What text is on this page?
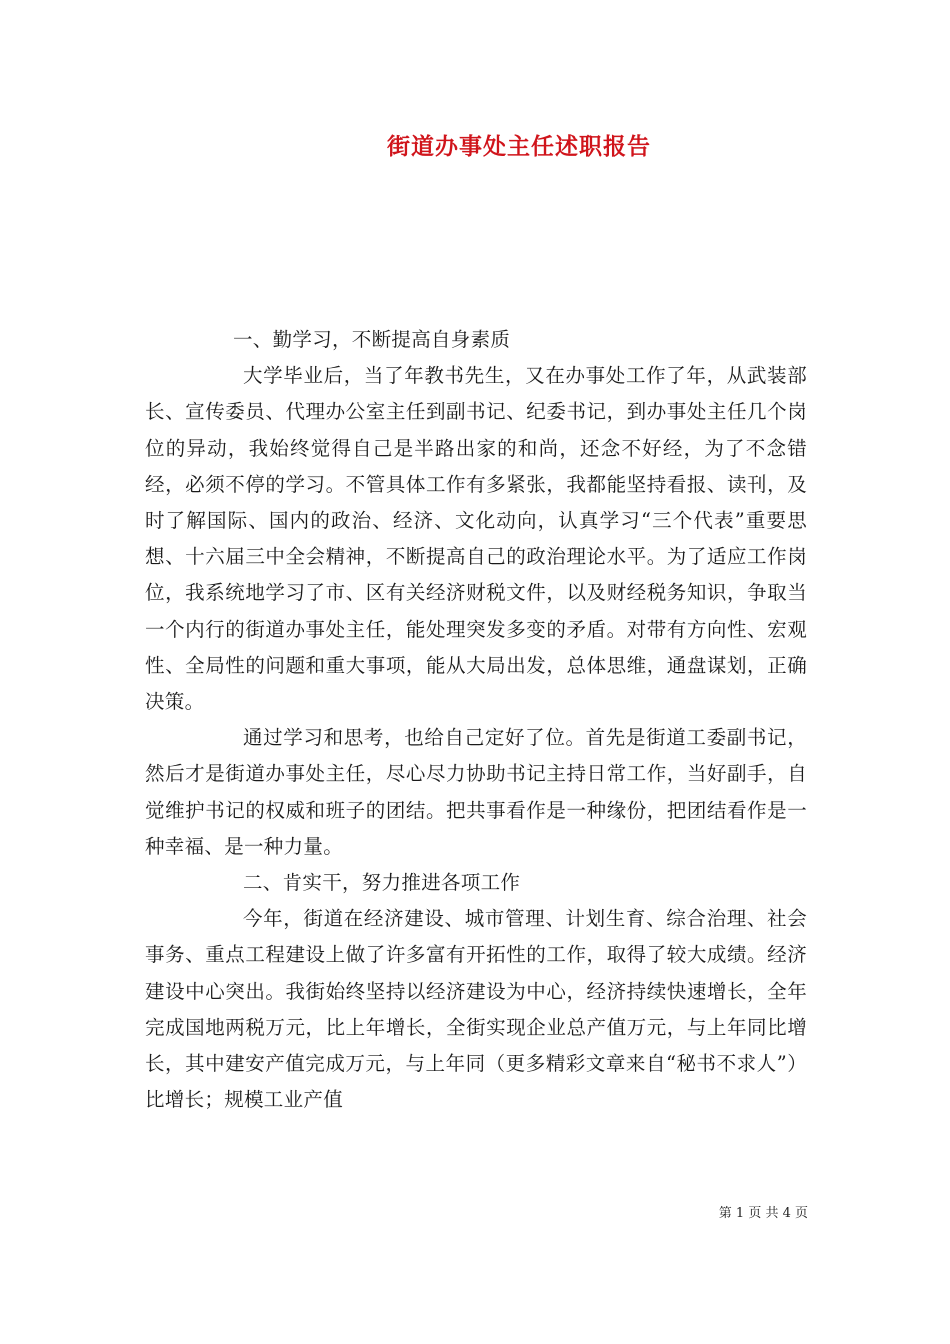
街道办事处主任述职报告

一、勤学习，不断提高自身素质

大学毕业后，当了年教书先生，又在办事处工作了年，从武装部长、宣传委员、代理办公室主任到副书记、纪委书记，到办事处主任几个岗位的异动，我始终觉得自己是半路出家的和尚，还念不好经，为了不念错经，必须不停的学习。不管具体工作有多紧张，我都能坚持看报、读刊，及时了解国际、国内的政治、经济、文化动向，认真学习“三个代表”重要思想、十六届三中全会精神，不断提高自己的政治理论水平。为了适应工作岗位，我系统地学习了市、区有关经济财税文件，以及财经税务知识，争取当一个内行的街道办事处主任，能处理突发多变的矛盾。对带有方向性、宏观性、全局性的问题和重大事项，能从大局出发，总体思维，通盘谋划，正确决策。

通过学习和思考，也给自己定好了位。首先是街道工委副书记，然后才是街道办事处主任，尽心尽力协助书记主持日常工作，当好副手，自觉维护书记的权威和班子的团结。把共事看作是一种缘份，把团结看作是一种幸福、是一种力量。

二、肯实干，努力推进各项工作

今年，街道在经济建设、城市管理、计划生育、综合治理、社会事务、重点工程建设上做了许多富有开拓性的工作，取得了较大成绩。经济建设中心突出。我街始终坚持以经济建设为中心，经济持续快速增长，全年完成国地两税万元，比上年增长，全街实现企业总产值万元，与上年同比增长，其中建安产值完成万元，与上年同（更多精彩文章来自“秘书不求人”）比增长；规模工业产值

第 1 页 共 4 页
